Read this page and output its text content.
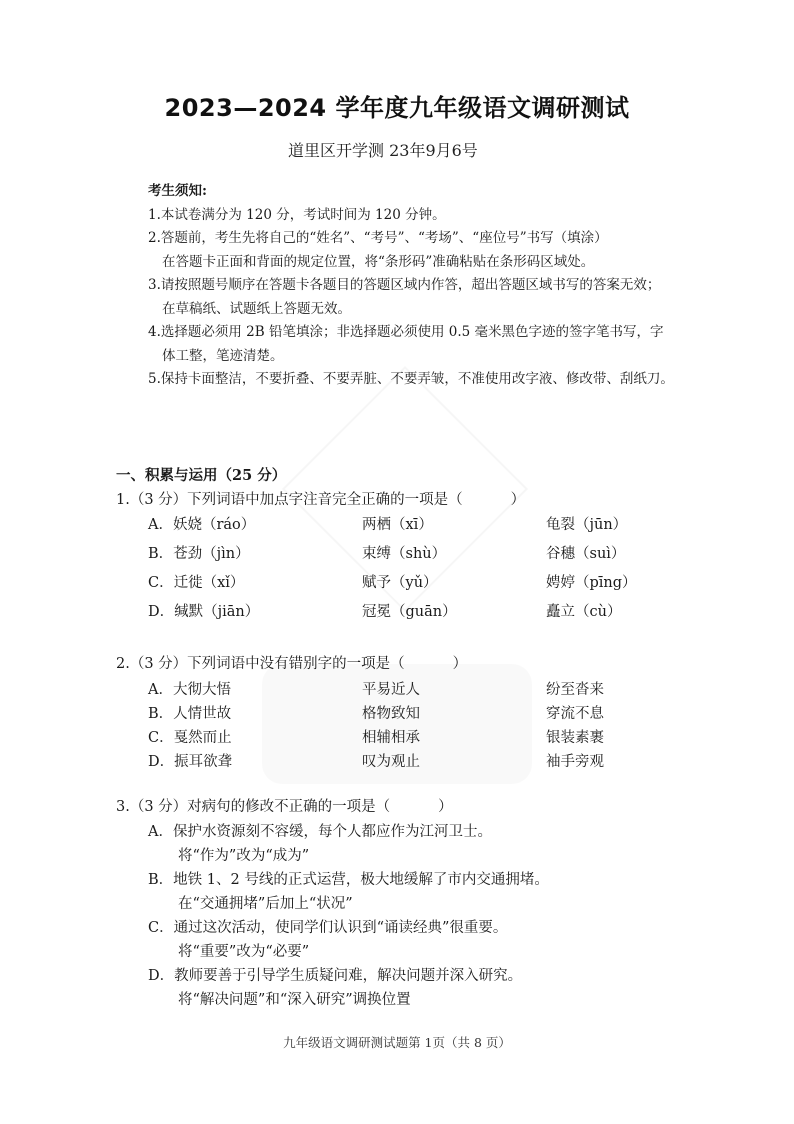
2023—2024 学年度九年级语文调研测试
道里区开学测 23年9月6号
考生须知:
1.本试卷满分为 120 分，考试时间为 120 分钟。
2.答题前，考生先将自己的“姓名”、“考号”、“考场”、“座位号”书写（填涂）
在答题卡正面和背面的规定位置，将“条形码”准确粘贴在条形码区域处。
3.请按照题号顺序在答题卡各题目的答题区域内作答，超出答题区域书写的答案无效；
在草稿纸、试题纸上答题无效。
4.选择题必须用 2B 铅笔填涂；非选择题必须使用 0.5 毫米黑色字迹的签字笔书写，字
体工整，笔迹清楚。
5.保持卡面整洁，不要折叠、不要弄脏、不要弄皱，不准使用改字液、修改带、刮纸刀。
一、积累与运用（25 分）
1.（3 分）下列词语中加点字注音完全正确的一项是（	）
A．妖娆（ráo）	两栖（xī）	龟裂（jūn）
B．苍劲（jìn）	束缚（shù）	谷穗（suì）
C．迁徙（xǐ）	赋予（yǔ）	娉婷（pīng）
D．缄默（jiān）	冠冕（guān）	矗立（cù）
2.（3 分）下列词语中没有错别字的一项是（	）
A．大彻大悟	平易近人	纷至沓来
B．人情世故	格物致知	穿流不息
C．戛然而止	相辅相承	银装素裹
D．振耳欲聋	叹为观止	袖手旁观
3.（3 分）对病句的修改不正确的一项是（	）
A．保护水资源刻不容缓，每个人都应作为江河卫士。
将“作为”改为“成为”
B．地铁 1、2 号线的正式运营，极大地缓解了市内交通拥堵。
在“交通拥堵”后加上“状况”
C．通过这次活动，使同学们认识到“诵读经典”很重要。
将“重要”改为“必要”
D．教师要善于引导学生质疑问难，解决问题并深入研究。
将“解决问题”和“深入研究”调换位置
九年级语文调研测试题第 1页（共 8 页）
